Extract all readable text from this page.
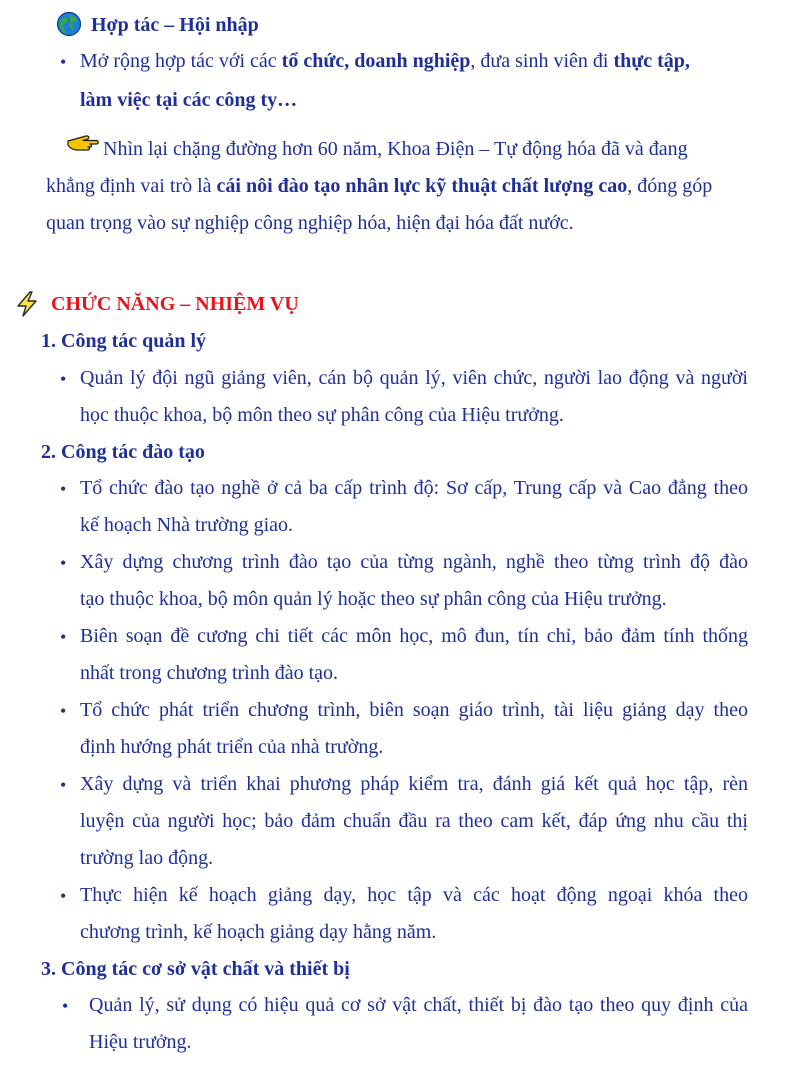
Hợp tác – Hội nhập
• Mở rộng hợp tác với các tổ chức, doanh nghiệp, đưa sinh viên đi thực tập,
làm việc tại các công ty…
Nhìn lại chặng đường hơn 60 năm, Khoa Điện – Tự động hóa đã và đang
khẳng định vai trò là cái nôi đào tạo nhân lực kỹ thuật chất lượng cao, đóng góp
quan trọng vào sự nghiệp công nghiệp hóa, hiện đại hóa đất nước.
CHỨC NĂNG – NHIỆM VỤ
1. Công tác quản lý
• Quản lý đội ngũ giảng viên, cán bộ quản lý, viên chức, người lao động và người
học thuộc khoa, bộ môn theo sự phân công của Hiệu trưởng.
2. Công tác đào tạo
• Tổ chức đào tạo nghề ở cả ba cấp trình độ: Sơ cấp, Trung cấp và Cao đẳng theo
kế hoạch Nhà trường giao.
• Xây dựng chương trình đào tạo của từng ngành, nghề theo từng trình độ đào
tạo thuộc khoa, bộ môn quản lý hoặc theo sự phân công của Hiệu trưởng.
• Biên soạn đề cương chi tiết các môn học, mô đun, tín chỉ, bảo đảm tính thống
nhất trong chương trình đào tạo.
• Tổ chức phát triển chương trình, biên soạn giáo trình, tài liệu giảng dạy theo
định hướng phát triển của nhà trường.
• Xây dựng và triển khai phương pháp kiểm tra, đánh giá kết quả học tập, rèn
luyện của người học; bảo đảm chuẩn đầu ra theo cam kết, đáp ứng nhu cầu thị
trường lao động.
• Thực hiện kế hoạch giảng dạy, học tập và các hoạt động ngoại khóa theo
chương trình, kế hoạch giảng dạy hằng năm.
3. Công tác cơ sở vật chất và thiết bị
• Quản lý, sử dụng có hiệu quả cơ sở vật chất, thiết bị đào tạo theo quy định của
Hiệu trưởng.
